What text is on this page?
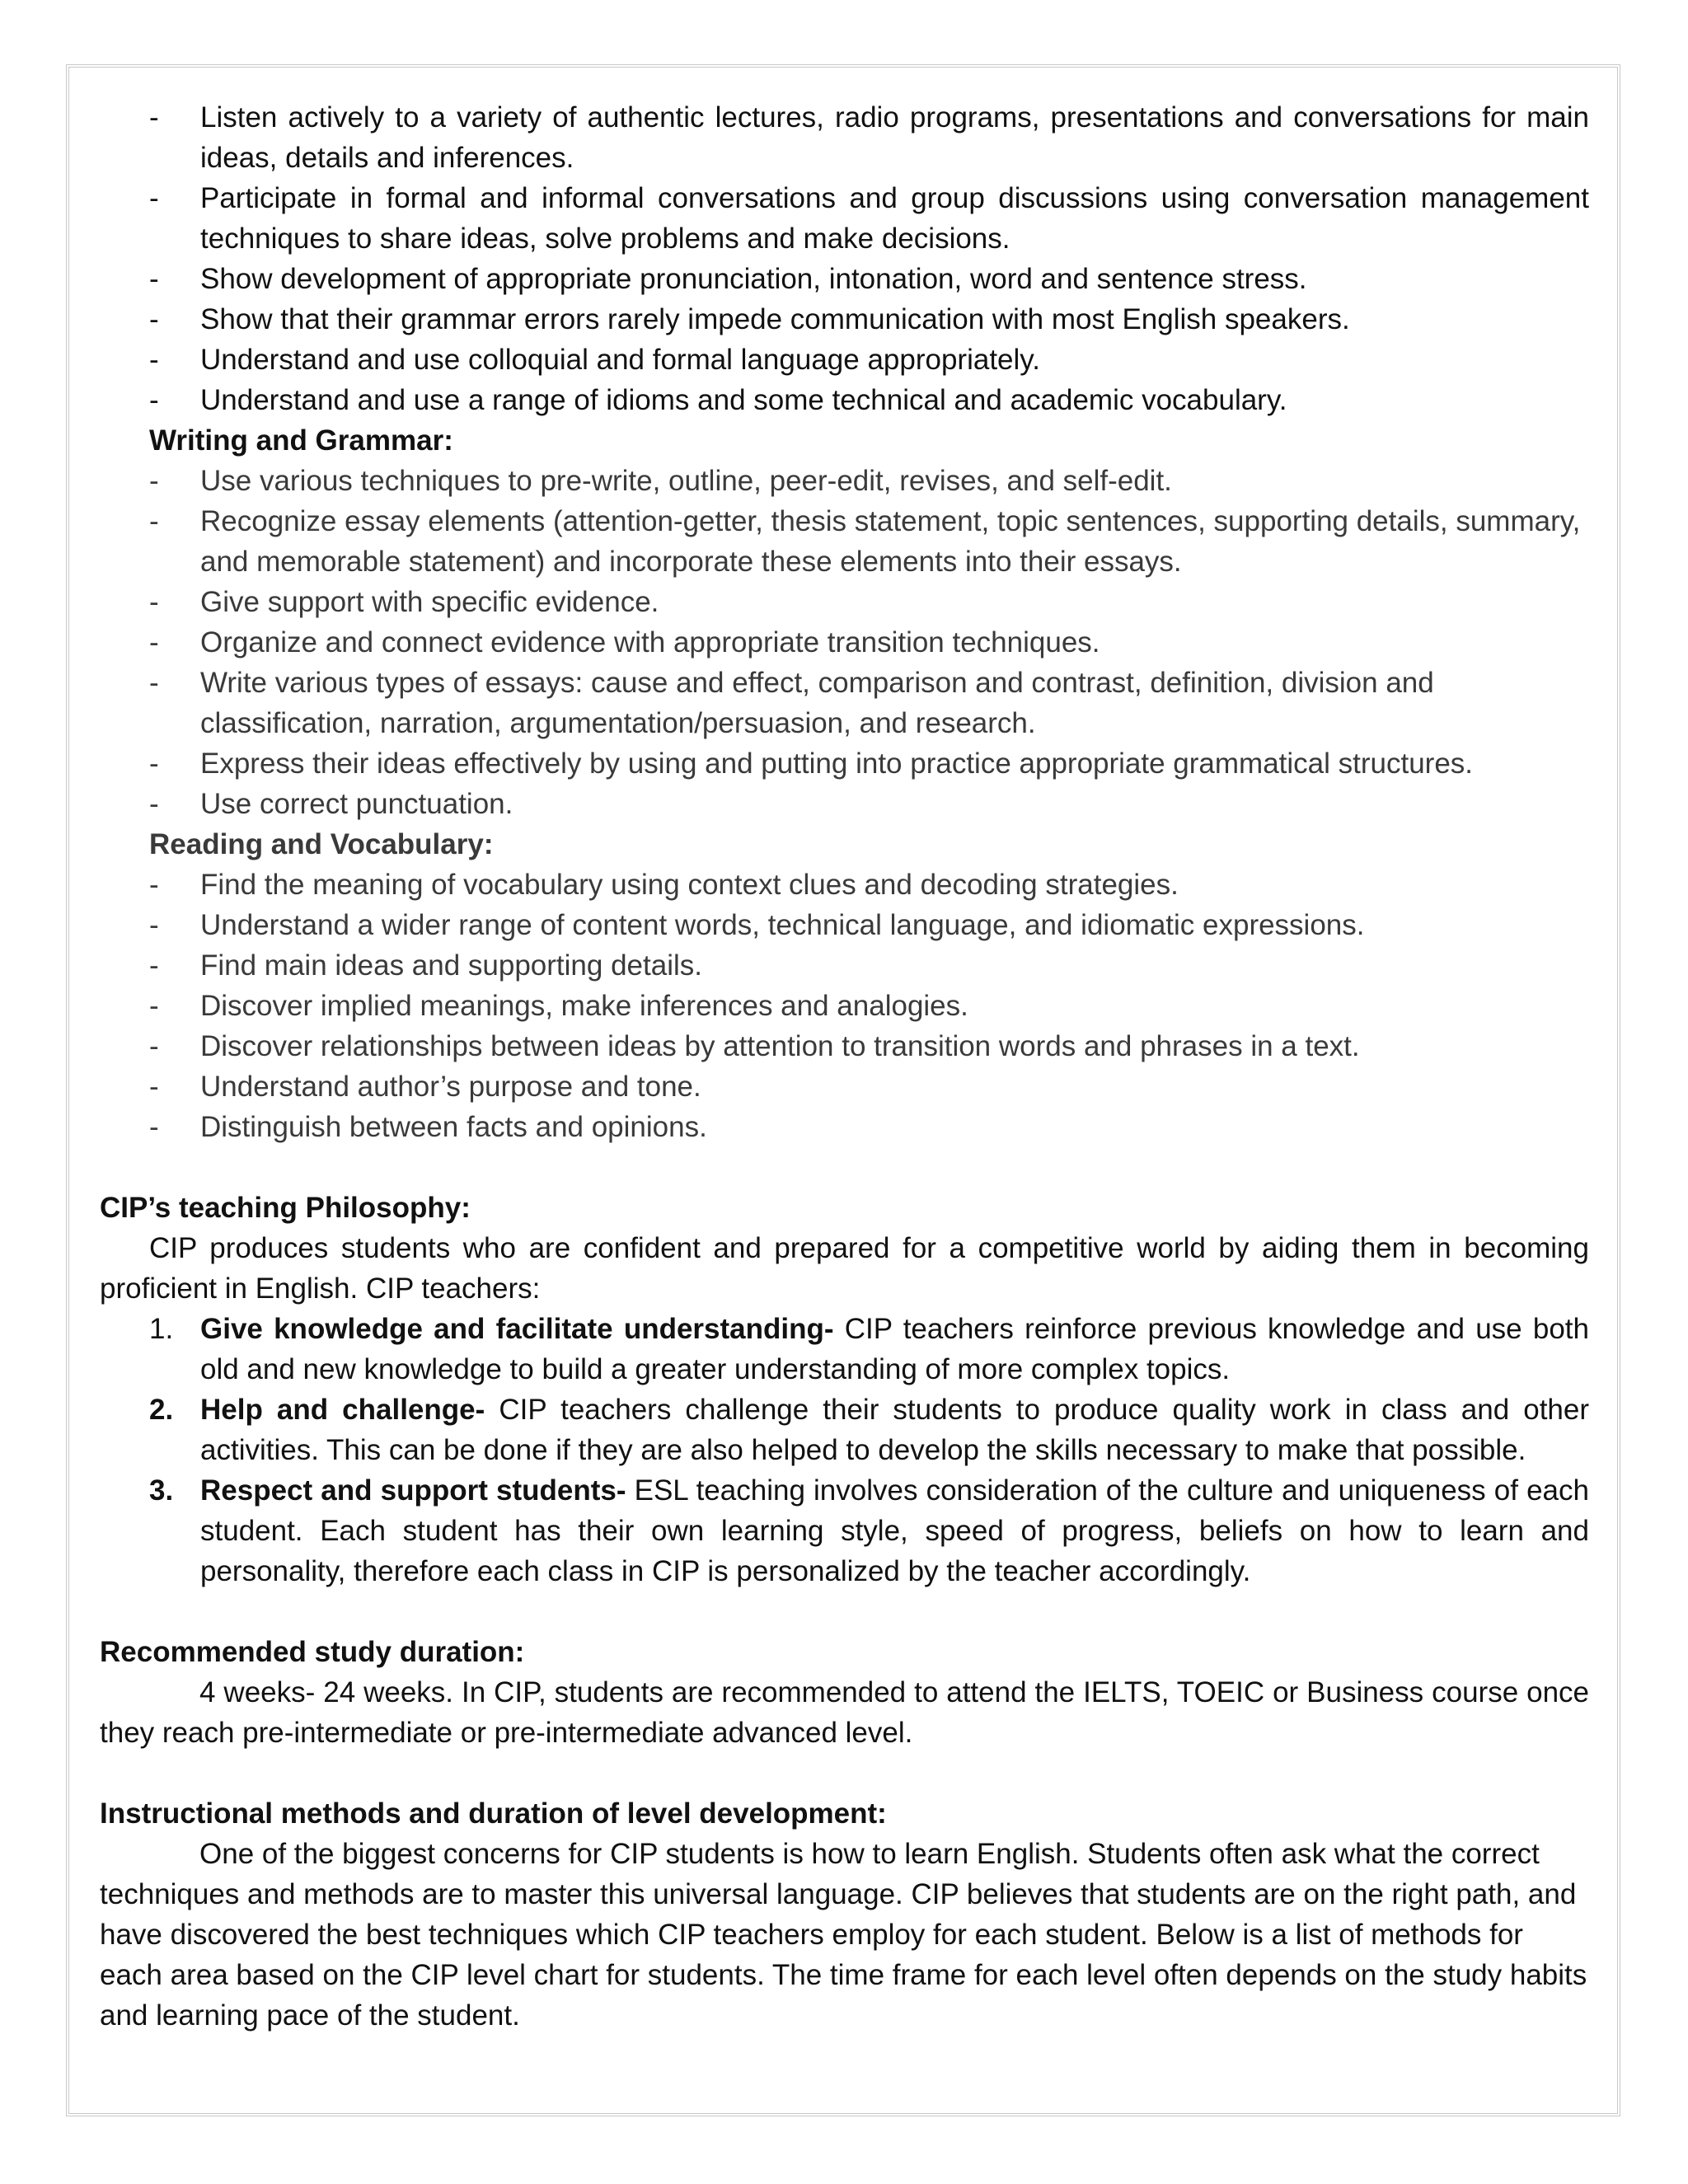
-	Listen actively to a variety of authentic lectures, radio programs, presentations and conversations for main ideas, details and inferences.
-	Participate in formal and informal conversations and group discussions using conversation management techniques to share ideas, solve problems and make decisions.
-	Show development of appropriate pronunciation, intonation, word and sentence stress.
-	Show that their grammar errors rarely impede communication with most English speakers.
-	Understand and use colloquial and formal language appropriately.
-	Understand and use a range of idioms and some technical and academic vocabulary.
Writing and Grammar:
-	Use various techniques to pre-write, outline, peer-edit, revises, and self-edit.
-	Recognize essay elements (attention-getter, thesis statement, topic sentences, supporting details, summary, and memorable statement) and incorporate these elements into their essays.
-	Give support with specific evidence.
-	Organize and connect evidence with appropriate transition techniques.
-	Write various types of essays: cause and effect, comparison and contrast, definition, division and classification, narration, argumentation/persuasion, and research.
-	Express their ideas effectively by using and putting into practice appropriate grammatical structures.
-	Use correct punctuation.
Reading and Vocabulary:
-	Find the meaning of vocabulary using context clues and decoding strategies.
-	Understand a wider range of content words, technical language, and idiomatic expressions.
-	Find main ideas and supporting details.
-	Discover implied meanings, make inferences and analogies.
-	Discover relationships between ideas by attention to transition words and phrases in a text.
-	Understand author’s purpose and tone.
-	Distinguish between facts and opinions.
CIP’s teaching Philosophy:
CIP produces students who are confident and prepared for a competitive world by aiding them in becoming proficient in English. CIP teachers:
1. Give knowledge and facilitate understanding- CIP teachers reinforce previous knowledge and use both old and new knowledge to build a greater understanding of more complex topics.
2. Help and challenge- CIP teachers challenge their students to produce quality work in class and other activities. This can be done if they are also helped to develop the skills necessary to make that possible.
3. Respect and support students- ESL teaching involves consideration of the culture and uniqueness of each student. Each student has their own learning style, speed of progress, beliefs on how to learn and personality, therefore each class in CIP is personalized by the teacher accordingly.
Recommended study duration:
4 weeks- 24 weeks. In CIP, students are recommended to attend the IELTS, TOEIC or Business course once they reach pre-intermediate or pre-intermediate advanced level.
Instructional methods and duration of level development:
One of the biggest concerns for CIP students is how to learn English. Students often ask what the correct techniques and methods are to master this universal language. CIP believes that students are on the right path, and have discovered the best techniques which CIP teachers employ for each student. Below is a list of methods for each area based on the CIP level chart for students. The time frame for each level often depends on the study habits and learning pace of the student.
